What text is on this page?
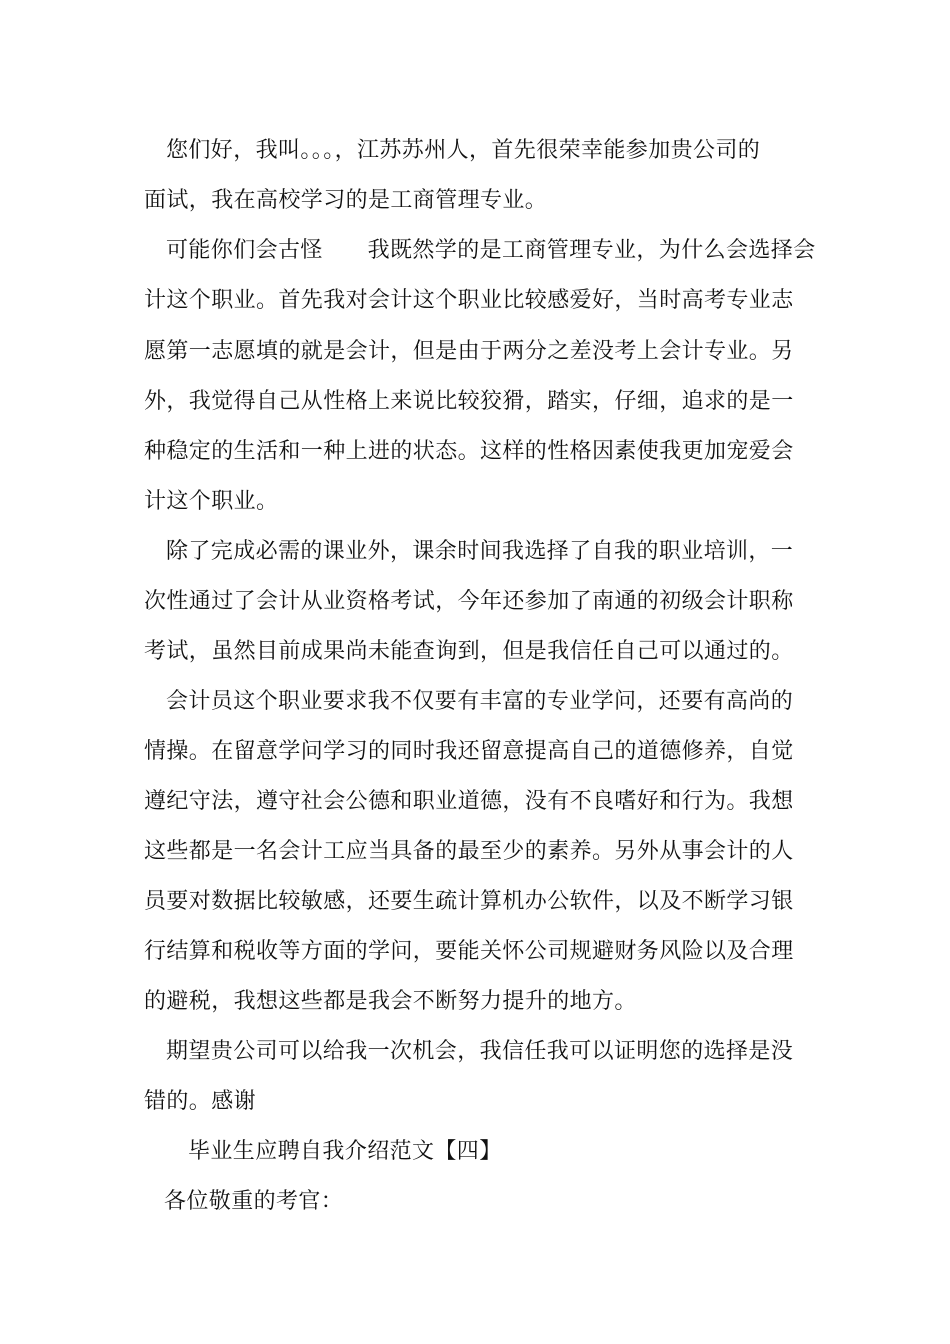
您们好，我叫。。。，江苏苏州人，首先很荣幸能参加贵公司的

面试，我在高校学习的是工商管理专业。

可能你们会古怪　　我既然学的是工商管理专业，为什么会选择会

计这个职业。首先我对会计这个职业比较感爱好，当时高考专业志

愿第一志愿填的就是会计，但是由于两分之差没考上会计专业。另

外，我觉得自己从性格上来说比较狡猾，踏实，仔细，追求的是一

种稳定的生活和一种上进的状态。这样的性格因素使我更加宠爱会

计这个职业。

除了完成必需的课业外，课余时间我选择了自我的职业培训，一

次性通过了会计从业资格考试，今年还参加了南通的初级会计职称

考试，虽然目前成果尚未能查询到，但是我信任自己可以通过的。

会计员这个职业要求我不仅要有丰富的专业学问，还要有高尚的

情操。在留意学问学习的同时我还留意提高自己的道德修养，自觉

遵纪守法，遵守社会公德和职业道德，没有不良嗜好和行为。我想

这些都是一名会计工应当具备的最至少的素养。另外从事会计的人

员要对数据比较敏感，还要生疏计算机办公软件，以及不断学习银

行结算和税收等方面的学问，要能关怀公司规避财务风险以及合理

的避税，我想这些都是我会不断努力提升的地方。

期望贵公司可以给我一次机会，我信任我可以证明您的选择是没

错的。感谢

毕业生应聘自我介绍范文【四】

各位敬重的考官：
